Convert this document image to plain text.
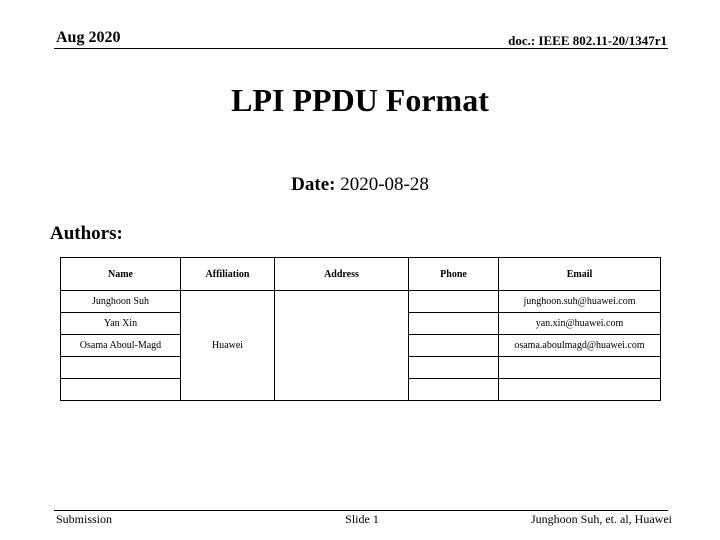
Aug 2020	doc.: IEEE 802.11-20/1347r1
LPI PPDU Format
Date: 2020-08-28
Authors:
Name	Affiliation	Address	Phone	Email
Junghoon Suh	Huawei			junghoon.suh@huawei.com
Yan Xin				yan.xin@huawei.com
Osama Aboul-Magd				osama.aboulmagd@huawei.com

Submission	Slide 1	Junghoon Suh, et. al, Huawei
